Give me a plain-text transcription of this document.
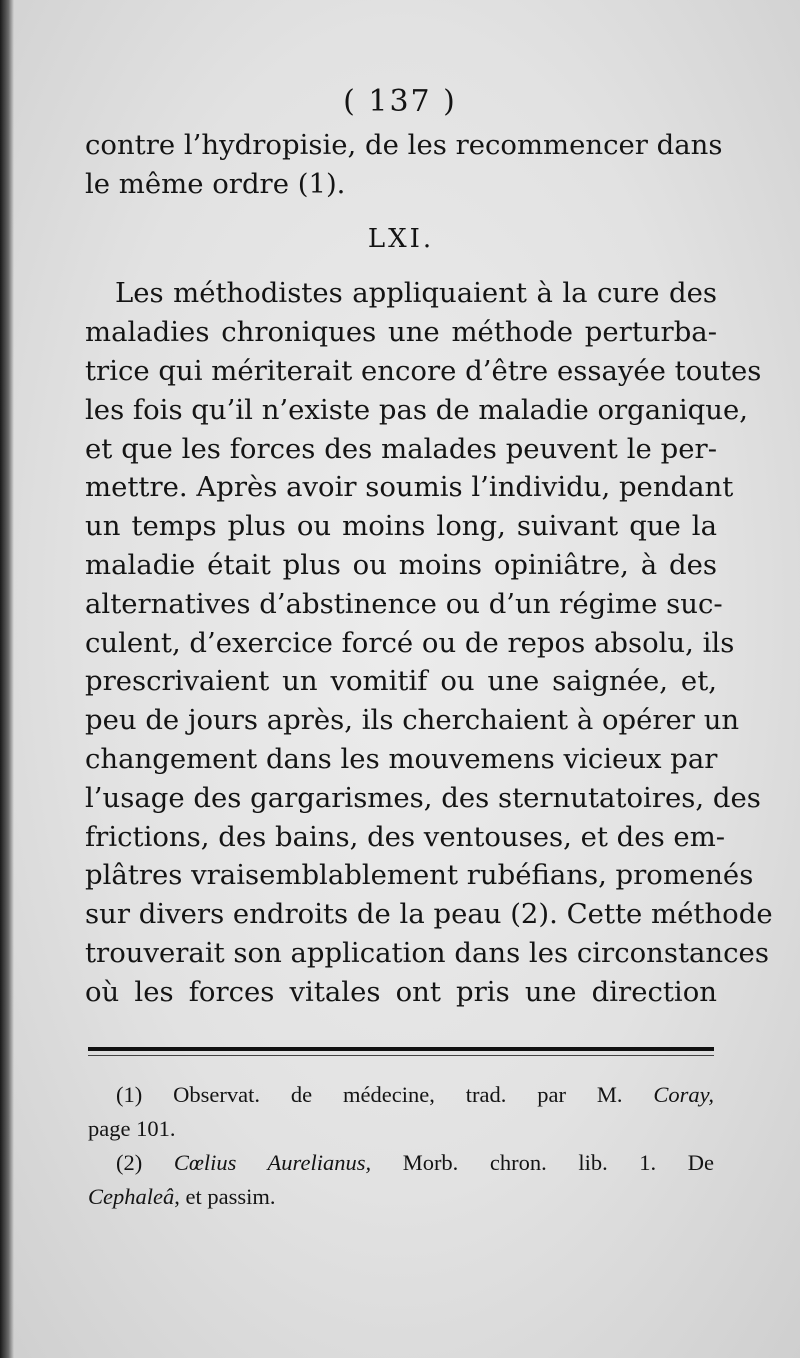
( 137 )
contre l’hydropisie, de les recommencer dans
le même ordre (1).
LXI.
Les méthodistes appliquaient à la cure des
maladies chroniques une méthode perturba-
trice qui mériterait encore d’être essayée toutes
les fois qu’il n’existe pas de maladie organique,
et que les forces des malades peuvent le per-
mettre. Après avoir soumis l’individu, pendant
un temps plus ou moins long, suivant que la
maladie était plus ou moins opiniâtre, à des
alternatives d’abstinence ou d’un régime suc-
culent, d’exercice forcé ou de repos absolu, ils
prescrivaient un vomitif ou une saignée, et,
peu de jours après, ils cherchaient à opérer un
changement dans les mouvemens vicieux par
l’usage des gargarismes, des sternutatoires, des
frictions, des bains, des ventouses, et des em-
plâtres vraisemblablement rubéfians, promenés
sur divers endroits de la peau (2). Cette méthode
trouverait son application dans les circonstances
où les forces vitales ont pris une direction
(1) Observat. de médecine, trad. par M. Coray,
page 101.
(2) Cœlius Aurelianus, Morb. chron. lib. 1. De
Cephaleâ, et passim.
